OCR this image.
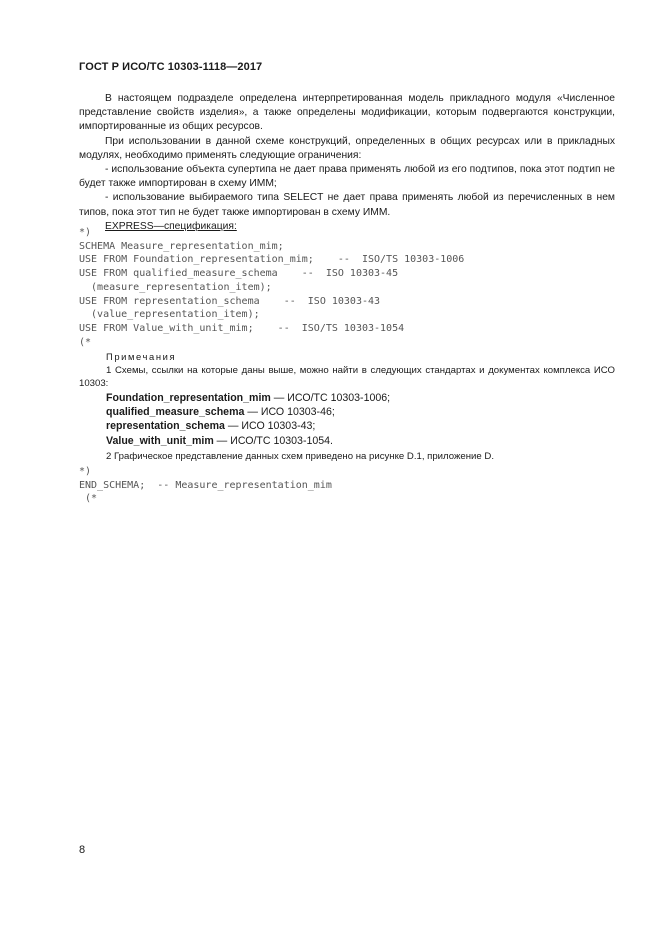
ГОСТ Р ИСО/ТС 10303-1118—2017

В настоящем подразделе определена интерпретированная модель прикладного модуля «Численное представление свойств изделия», а также определены модификации, которым подвергаются конструкции, импортированные из общих ресурсов.

При использовании в данной схеме конструкций, определенных в общих ресурсах или в прикладных модулях, необходимо применять следующие ограничения:

- использование объекта супертипа не дает права применять любой из его подтипов, пока этот подтип не будет также импортирован в схему ИММ;

- использование выбираемого типа SELECT не дает права применять любой из перечисленных в нем типов, пока этот тип не будет также импортирован в схему ИММ.

EXPRESS—спецификация:

*)
SCHEMA Measure_representation_mim;
USE FROM Foundation_representation_mim;    --  ISO/TS 10303-1006
USE FROM qualified_measure_schema    --  ISO 10303-45
(measure_representation_item);
USE FROM representation_schema    --  ISO 10303-43
(value_representation_item);
USE FROM Value_with_unit_mim;    --  ISO/TS 10303-1054
(*
Примечания

1 Схемы, ссылки на которые даны выше, можно найти в следующих стандартах и документах комплекса ИСО 10303:

Foundation_representation_mim — ИСО/ТС 10303-1006;
qualified_measure_schema — ИСО 10303-46;
representation_schema — ИСО 10303-43;
Value_with_unit_mim — ИСО/ТС 10303-1054.

2 Графическое представление данных схем приведено на рисунке D.1, приложение D.

*)
END_SCHEMA;  -- Measure_representation_mim
(*
8
